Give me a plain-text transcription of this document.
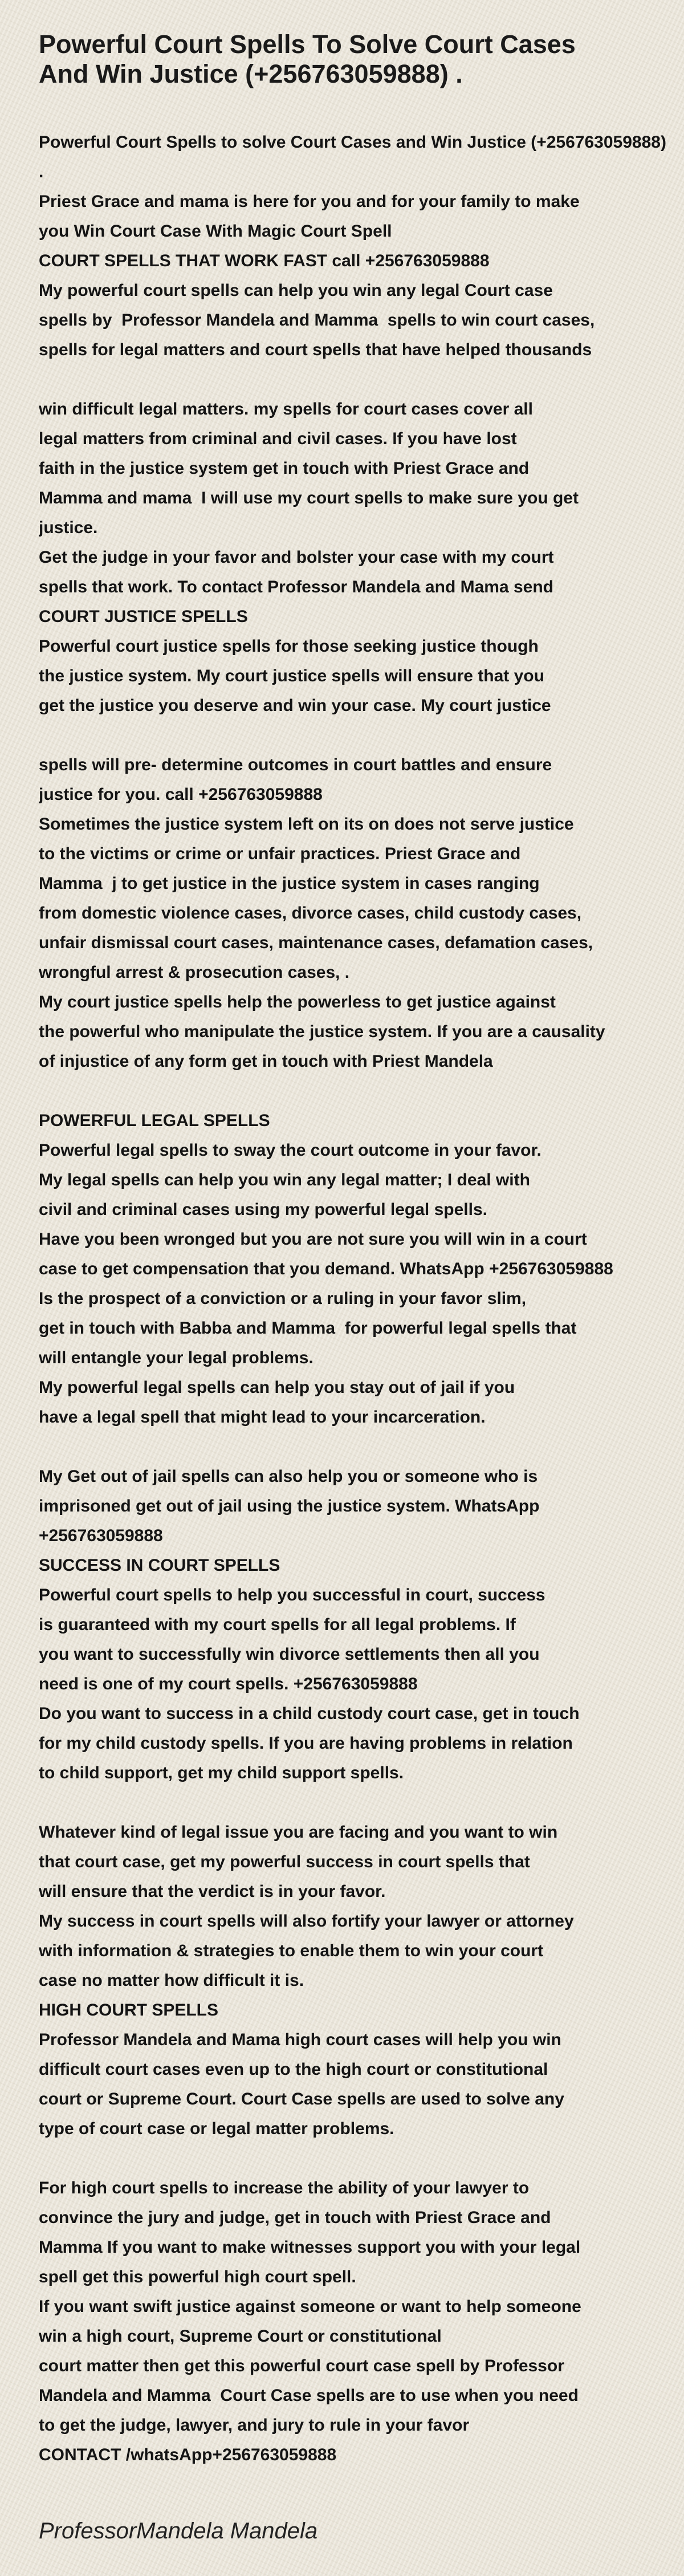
Powerful Court Spells To Solve Court Cases And Win Justice (+256763059888) .
Powerful Court Spells to solve Court Cases and Win Justice (+256763059888)
.
Priest Grace and mama is here for you and for your family to make
you Win Court Case With Magic Court Spell
COURT SPELLS THAT WORK FAST call +256763059888
My powerful court spells can help you win any legal Court case
spells by  Professor Mandela and Mamma  spells to win court cases,
spells for legal matters and court spells that have helped thousands
win difficult legal matters. my spells for court cases cover all
legal matters from criminal and civil cases. If you have lost
faith in the justice system get in touch with Priest Grace and
Mamma and mama  I will use my court spells to make sure you get
justice.
Get the judge in your favor and bolster your case with my court
spells that work. To contact Professor Mandela and Mama send
COURT JUSTICE SPELLS
Powerful court justice spells for those seeking justice though
the justice system. My court justice spells will ensure that you
get the justice you deserve and win your case. My court justice
spells will pre- determine outcomes in court battles and ensure
justice for you. call +256763059888
Sometimes the justice system left on its on does not serve justice
to the victims or crime or unfair practices. Priest Grace and
Mamma  j to get justice in the justice system in cases ranging
from domestic violence cases, divorce cases, child custody cases,
unfair dismissal court cases, maintenance cases, defamation cases,
wrongful arrest & prosecution cases, .
My court justice spells help the powerless to get justice against
the powerful who manipulate the justice system. If you are a causality
of injustice of any form get in touch with Priest Mandela
POWERFUL LEGAL SPELLS
Powerful legal spells to sway the court outcome in your favor.
My legal spells can help you win any legal matter; I deal with
civil and criminal cases using my powerful legal spells.
Have you been wronged but you are not sure you will win in a court
case to get compensation that you demand. WhatsApp +256763059888
Is the prospect of a conviction or a ruling in your favor slim,
get in touch with Babba and Mamma  for powerful legal spells that
will entangle your legal problems.
My powerful legal spells can help you stay out of jail if you
have a legal spell that might lead to your incarceration.
My Get out of jail spells can also help you or someone who is
imprisoned get out of jail using the justice system. WhatsApp
+256763059888
SUCCESS IN COURT SPELLS
Powerful court spells to help you successful in court, success
is guaranteed with my court spells for all legal problems. If
you want to successfully win divorce settlements then all you
need is one of my court spells. +256763059888
Do you want to success in a child custody court case, get in touch
for my child custody spells. If you are having problems in relation
to child support, get my child support spells.
Whatever kind of legal issue you are facing and you want to win
that court case, get my powerful success in court spells that
will ensure that the verdict is in your favor.
My success in court spells will also fortify your lawyer or attorney
with information & strategies to enable them to win your court
case no matter how difficult it is.
HIGH COURT SPELLS
Professor Mandela and Mama high court cases will help you win
difficult court cases even up to the high court or constitutional
court or Supreme Court. Court Case spells are used to solve any
type of court case or legal matter problems.
For high court spells to increase the ability of your lawyer to
convince the jury and judge, get in touch with Priest Grace and
Mamma If you want to make witnesses support you with your legal
spell get this powerful high court spell.
If you want swift justice against someone or want to help someone
win a high court, Supreme Court or constitutional
court matter then get this powerful court case spell by Professor
Mandela and Mamma  Court Case spells are to use when you need
to get the judge, lawyer, and jury to rule in your favor
CONTACT /whatsApp+256763059888
ProfessorMandela Mandela
